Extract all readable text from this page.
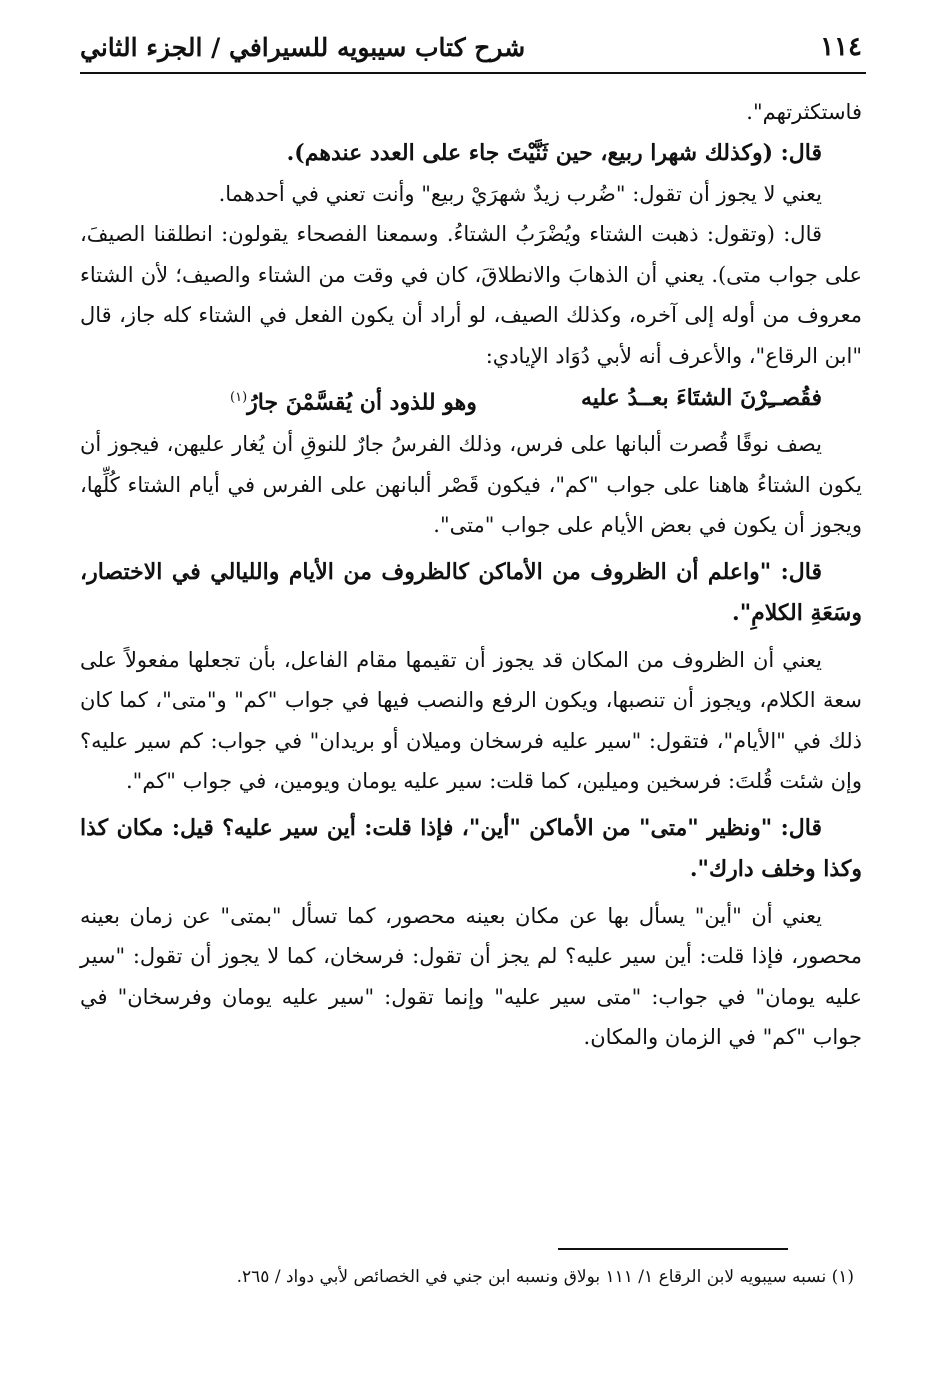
١١٤
شرح كتاب سيبويه للسيرافي / الجزء الثاني

فاستكثرتهم".

قال: (وكذلك شهرا ربيع، حين ثَنَّيْتَ جاء على العدد عندهم).

يعني لا يجوز أن تقول: "ضُرب زيدٌ شهرَيْ ربيع" وأنت تعني في أحدهما.

قال: (وتقول: ذهبت الشتاء ويُضْرَبُ الشتاءُ. وسمعنا الفصحاء يقولون: انطلقنا الصيفَ، على جواب متى). يعني أن الذهابَ والانطلاقَ، كان في وقت من الشتاء والصيف؛ لأن الشتاء معروف من أوله إلى آخره، وكذلك الصيف، لو أراد أن يكون الفعل في الشتاء كله جاز، قال "ابن الرقاع"، والأعرف أنه لأبي دُوَاد الإيادي:

فقُصــِرْنَ الشتَاءَ بعــدُ عليه
وهو للذود أن يُقسَّمْنَ جارُ$^{(١)}$

يصف نوقًا قُصرت ألبانها على فرس، وذلك الفرسُ جارٌ للنوقِ أن يُغار عليهن، فيجوز أن يكون الشتاءُ هاهنا على جواب "كم"، فيكون قَصْر ألبانهن على الفرس في أيام الشتاء كُلِّها، ويجوز أن يكون في بعض الأيام على جواب "متى".

قال: "واعلم أن الظروف من الأماكن كالظروف من الأيام والليالي في الاختصار، وسَعَةِ الكلامِ".

يعني أن الظروف من المكان قد يجوز أن تقيمها مقام الفاعل، بأن تجعلها مفعولاً على سعة الكلام، ويجوز أن تنصبها، ويكون الرفع والنصب فيها في جواب "كم" و"متى"، كما كان ذلك في "الأيام"، فتقول: "سير عليه فرسخان وميلان أو بريدان" في جواب: كم سير عليه؟ وإن شئت قُلتَ: فرسخين وميلين، كما قلت: سير عليه يومان ويومين، في جواب "كم".

قال: "ونظير "متى" من الأماكن "أين"، فإذا قلت: أين سير عليه؟ قيل: مكان كذا وكذا وخلف دارك".

يعني أن "أين" يسأل بها عن مكان بعينه محصور، كما تسأل "بمتى" عن زمان بعينه محصور، فإذا قلت: أين سير عليه؟ لم يجز أن تقول: فرسخان، كما لا يجوز أن تقول: "سير عليه يومان" في جواب: "متى سير عليه" وإنما تقول: "سير عليه يومان وفرسخان" في جواب "كم" في الزمان والمكان.

(١) نسبه سيبويه لابن الرقاع ١/ ١١١ بولاق ونسبه ابن جني في الخصائص لأبي دواد / ٢٦٥.
